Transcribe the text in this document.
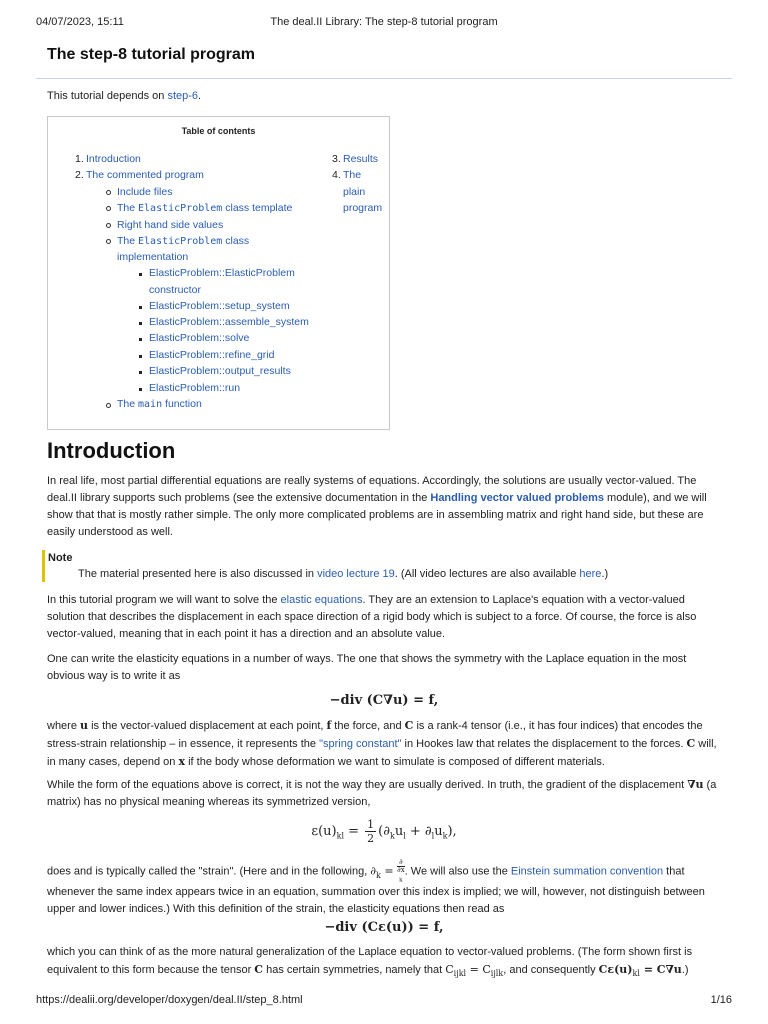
04/07/2023, 15:11	The deal.II Library: The step-8 tutorial program
The step-8 tutorial program
This tutorial depends on step-6.
Table of contents
1. Introduction
2. The commented program
Include files
The ElasticProblem class template
Right hand side values
The ElasticProblem class
implementation
ElasticProblem::ElasticProblem
constructor
ElasticProblem::setup_system
ElasticProblem::assemble_system
ElasticProblem::solve
ElasticProblem::refine_grid
ElasticProblem::output_results
ElasticProblem::run
The main function
3. Results
4. The
plain
program
Introduction
In real life, most partial differential equations are really systems of equations. Accordingly, the solutions are usually vector-valued. The
deal.II library supports such problems (see the extensive documentation in the Handling vector valued problems module), and we will
show that that is mostly rather simple. The only more complicated problems are in assembling matrix and right hand side, but these are
easily understood as well.
Note
The material presented here is also discussed in video lecture 19. (All video lectures are also available here.)
In this tutorial program we will want to solve the elastic equations. They are an extension to Laplace's equation with a vector-valued
solution that describes the displacement in each space direction of a rigid body which is subject to a force. Of course, the force is also
vector-valued, meaning that in each point it has a direction and an absolute value.
One can write the elasticity equations in a number of ways. The one that shows the symmetry with the Laplace equation in the most
obvious way is to write it as
−div (C∇u) = f,
where u is the vector-valued displacement at each point, f the force, and C is a rank-4 tensor (i.e., it has four indices) that encodes the
stress-strain relationship – in essence, it represents the "spring constant" in Hookes law that relates the displacement to the forces. C will,
in many cases, depend on x if the body whose deformation we want to simulate is composed of different materials.
While the form of the equations above is correct, it is not the way they are usually derived. In truth, the gradient of the displacement ∇u (a
matrix) has no physical meaning whereas its symmetrized version,
$\varepsilon(u)_{kl} = \frac{1}{2} (\partial_ku_l + \partial_lu_k)$,
does and is typically called the "strain". (Here and in the following, $\partial_k$ = ∂
∂x
$_k$ . We will also use the Einstein summation convention that
whenever the same index appears twice in an equation, summation over this index is implied; we will, however, not distinguish between
upper and lower indices.) With this definition of the strain, the elasticity equations then read as
−div (Cε(u)) = f,
which you can think of as the more natural generalization of the Laplace equation to vector-valued problems. (The form shown first is
equivalent to this form because the tensor C has certain symmetries, namely that $C_{ijkl} = C_{ijlk}$, and consequently $C\varepsilon(u)_{kl} = C\nabla u$.)
https://dealii.org/developer/doxygen/deal.II/step_8.html	1/16
